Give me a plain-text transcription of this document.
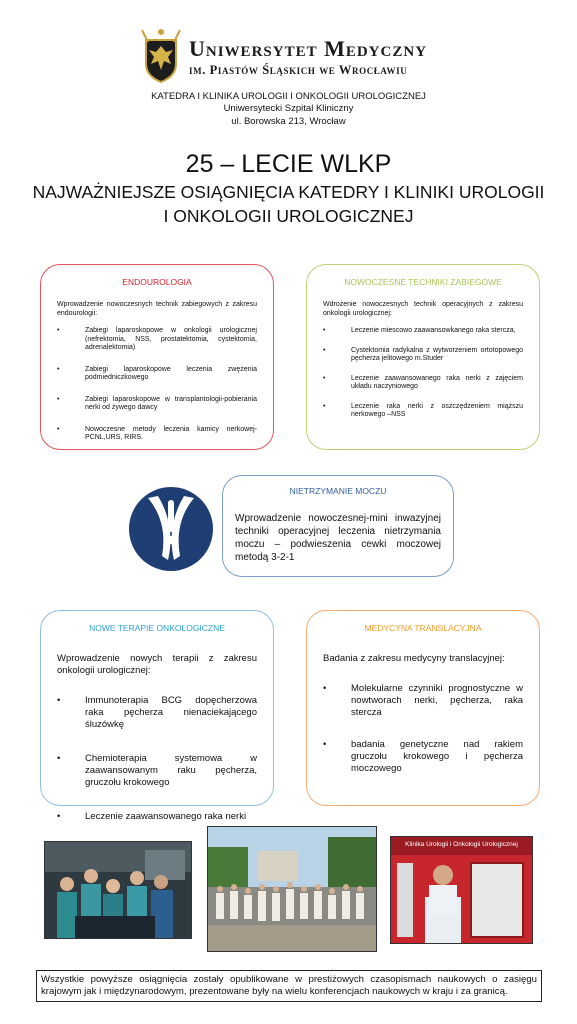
Uniwersytet Medyczny
im. Piastów Śląskich we Wrocławiu
KATEDRA I KLINIKA UROLOGII I ONKOLOGII UROLOGICZNEJ
Uniwersytecki Szpital Kliniczny
ul. Borowska 213, Wrocław
25 – LECIE WLKP
NAJWAŻNIEJSZE OSIĄGNIĘCIA KATEDRY I KLINIKI UROLOGII I ONKOLOGII UROLOGICZNEJ
ENDOUROLOGIA
Wprowadzenie nowoczesnych technik zabiegowych z zakresu endourologii:
• Zabiegi laparoskopowe w onkologii urologicznej (nefrektomia, NSS, prostatektomia, cystektomia, adrenalektomia)
• Zabiegi laparoskopowe leczenia zwężenia podmiedniczkowego
• Zabiegi laparoskopowe w transplantologii-pobierania nerki od żywego dawcy
• Nowoczesne metody leczenia kamicy nerkowej-PCNL,URS, RIRS.
NOWOCZESNE TECHNIKI ZABIEGOWE
Wdrożenie nowoczesnych technik operacyjnych z zakresu onkologii urologicznej:
• Leczenie miescowo zaawansowkanego raka stercza,
• Cystektomia radykalna z wytworzeniem ortotopowego pęcherza jelitowego m.Studer
• Leczenie zaawansowanego raka nerki z zajęciem układu naczyniowego
• Leczenie raka nerki z oszczędzeniem miąższu nerkowego –NSS
NIETRZYMANIE MOCZU
Wprowadzenie nowoczesnej-mini inwazyjnej techniki operacyjnej leczenia nietrzymania moczu – podwieszenia cewki moczowej metodą 3-2-1
NOWE TERAPIE ONKOLOGICZNE
Wprowadzenie nowych terapii z zakresu onkologii urologicznej:
• Immunoterapia BCG dopęcherzowa raka pęcherza nienaciekającego śluzówkę
• Chemioterapia systemowa w zaawansowanym raku pęcherza, gruczołu krokowego
• Leczenie zaawansowanego raka nerki
MEDYCYNA TRANSLACYJNA
Badania z zakresu medycyny translacyjnej:
• Molekularne czynniki prognostyczne w nowtworach nerki, pęcherza, raka stercza
• badania genetyczne nad rakiem gruczołu krokowego i pęcherza moczowego
Klinika Urologii i Onkologii Urologicznej
Wszystkie powyższe osiągnięcia zostały opublikowane w prestiżowych czasopismach naukowych o zasięgu krajowym jak i międzynarodowym, prezentowane były na wielu konferencjach naukowych w kraju i za granicą.
